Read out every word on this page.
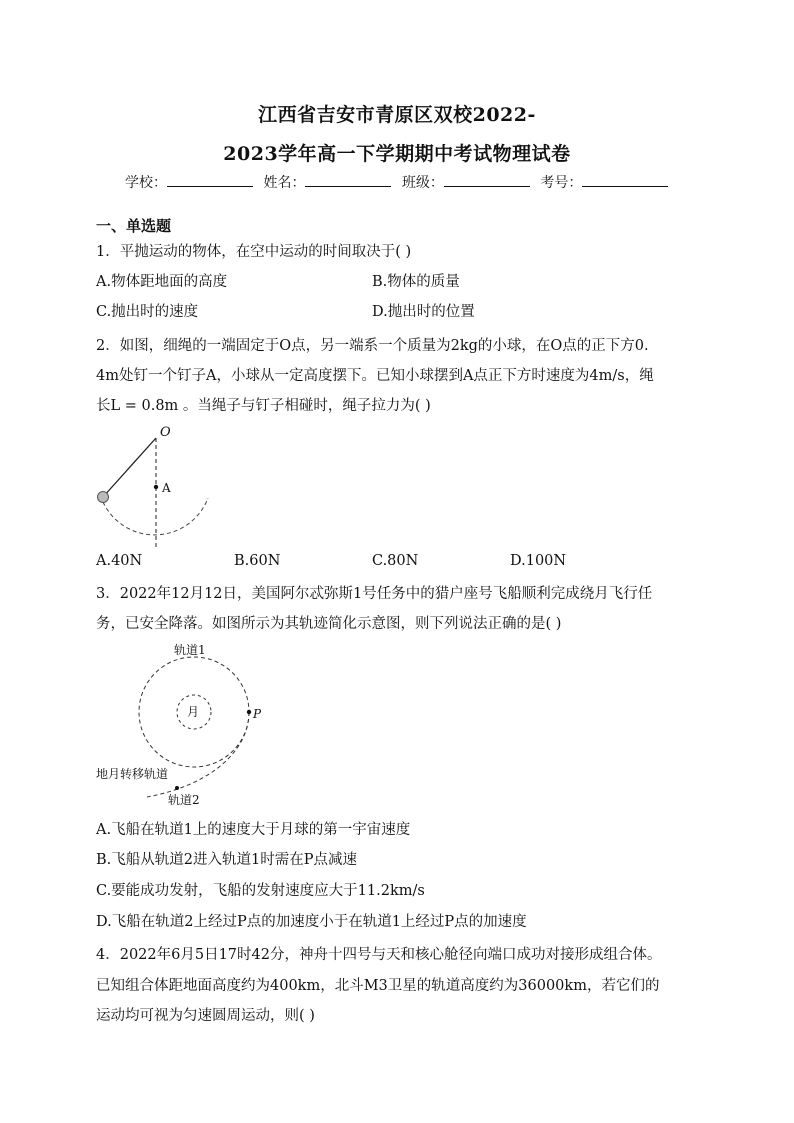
江西省吉安市青原区双校2022-
2023学年高一下学期期中考试物理试卷
学校：	姓名：	班级：	考号：
一、单选题
1．平抛运动的物体，在空中运动的时间取决于( )
A.物体距地面的高度	B.物体的质量
C.抛出时的速度	D.抛出时的位置
2．如图，细绳的一端固定于O点，另一端系一个质量为2kg的小球，在O点的正下方0.
4m处钉一个钉子A，小球从一定高度摆下。已知小球摆到A点正下方时速度为4m/s，绳
长L = 0.8m 。当绳子与钉子相碰时，绳子拉力为( )
O
A
A.40N	B.60N	C.80N	D.100N
3．2022年12月12日，美国阿尔忒弥斯1号任务中的猎户座号飞船顺利完成绕月飞行任
务，已安全降落。如图所示为其轨迹简化示意图，则下列说法正确的是( )
轨道1
月	P
地月转移轨道
轨道2
A.飞船在轨道1上的速度大于月球的第一宇宙速度
B.飞船从轨道2进入轨道1时需在P点减速
C.要能成功发射，飞船的发射速度应大于11.2km/s
D.飞船在轨道2上经过P点的加速度小于在轨道1上经过P点的加速度
4．2022年6月5日17时42分，神舟十四号与天和核心舱径向端口成功对接形成组合体。
已知组合体距地面高度约为400km，北斗M3卫星的轨道高度约为36000km，若它们的
运动均可视为匀速圆周运动，则( )
